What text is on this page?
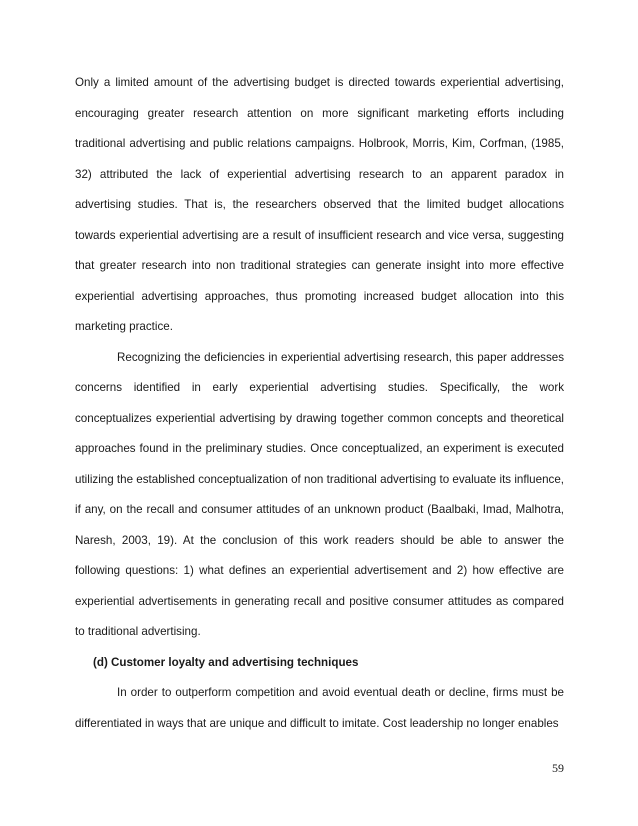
Only a limited amount of the advertising budget is directed towards experiential advertising, encouraging greater research attention on more significant marketing efforts including traditional advertising and public relations campaigns. Holbrook, Morris, Kim, Corfman, (1985, 32) attributed the lack of experiential advertising research to an apparent paradox in advertising studies. That is, the researchers observed that the limited budget allocations towards experiential advertising are a result of insufficient research and vice versa, suggesting that greater research into non traditional strategies can generate insight into more effective experiential advertising approaches, thus promoting increased budget allocation into this marketing practice.

Recognizing the deficiencies in experiential advertising research, this paper addresses concerns identified in early experiential advertising studies. Specifically, the work conceptualizes experiential advertising by drawing together common concepts and theoretical approaches found in the preliminary studies. Once conceptualized, an experiment is executed utilizing the established conceptualization of non traditional advertising to evaluate its influence, if any, on the recall and consumer attitudes of an unknown product (Baalbaki, Imad, Malhotra, Naresh, 2003, 19). At the conclusion of this work readers should be able to answer the following questions: 1) what defines an experiential advertisement and 2) how effective are experiential advertisements in generating recall and positive consumer attitudes as compared to traditional advertising.

(d) Customer loyalty and advertising techniques

In order to outperform competition and avoid eventual death or decline, firms must be differentiated in ways that are unique and difficult to imitate. Cost leadership no longer enables

59
